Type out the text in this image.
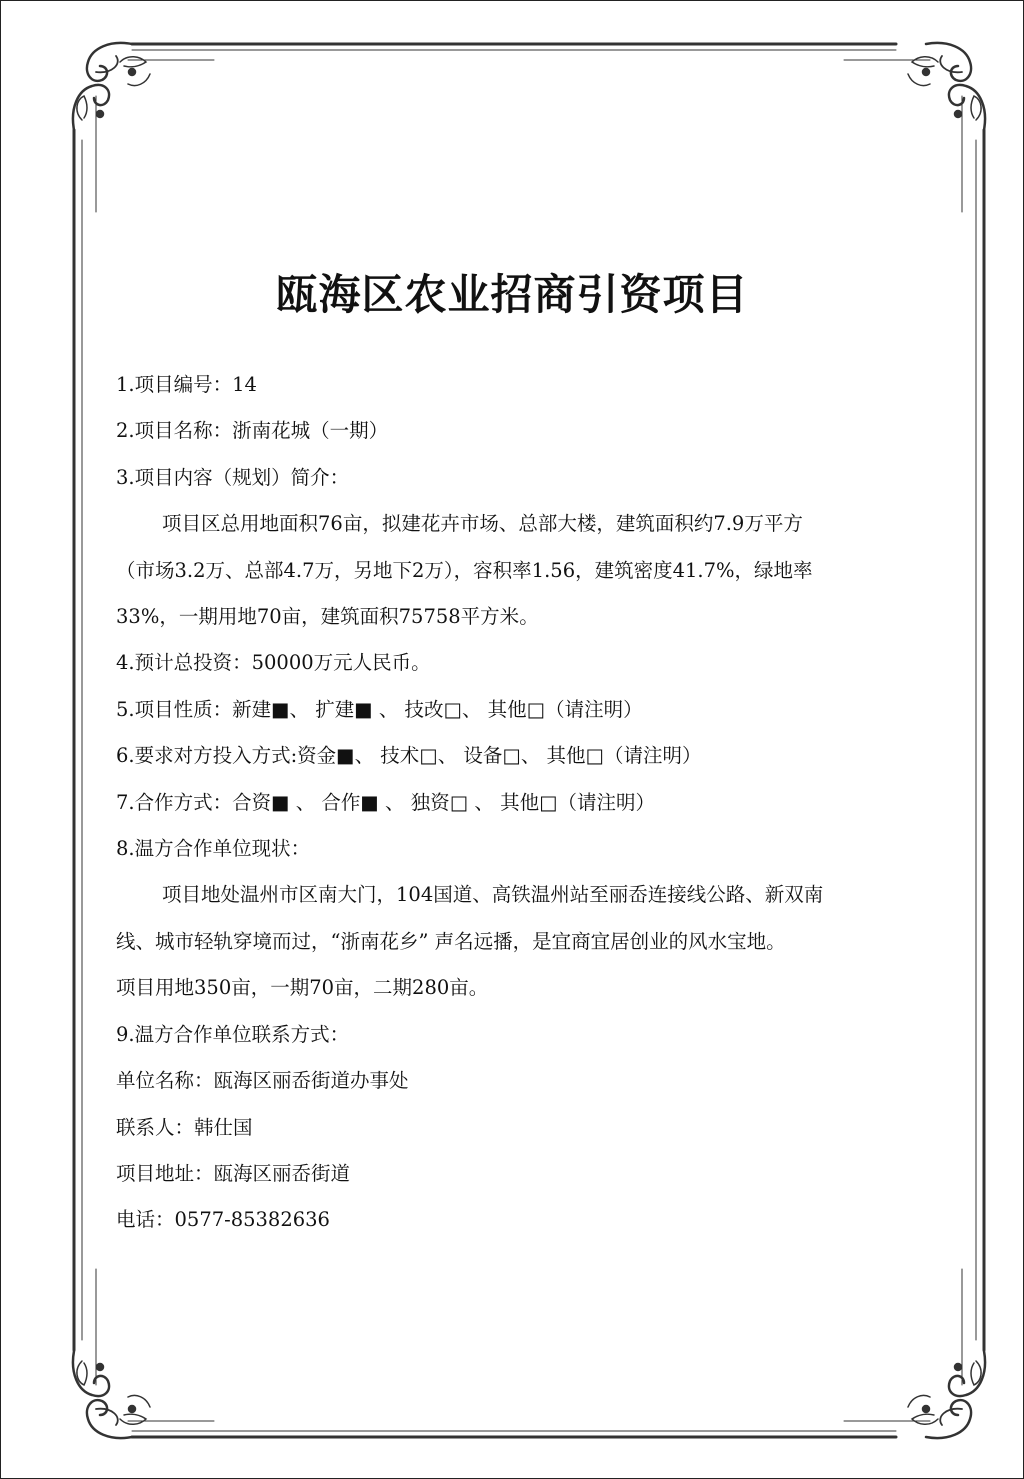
瓯海区农业招商引资项目

1.项目编号：14

2.项目名称：浙南花城（一期）

3.项目内容（规划）简介：

项目区总用地面积76亩，拟建花卉市场、总部大楼，建筑面积约7.9万平方

（市场3.2万、总部4.7万，另地下2万），容积率1.56，建筑密度41.7%，绿地率

33%，一期用地70亩，建筑面积75758平方米。

4.预计总投资：50000万元人民币。

5.项目性质：新建■、 扩建■ 、 技改□、 其他□（请注明）

6.要求对方投入方式:资金■、 技术□、 设备□、 其他□（请注明）

7.合作方式：合资■ 、 合作■ 、 独资□ 、 其他□（请注明）

8.温方合作单位现状：

项目地处温州市区南大门，104国道、高铁温州站至丽岙连接线公路、新双南

线、城市轻轨穿境而过，“浙南花乡” 声名远播，是宜商宜居创业的风水宝地。

项目用地350亩，一期70亩，二期280亩。

9.温方合作单位联系方式：

单位名称：瓯海区丽岙街道办事处

联系人：韩仕国

项目地址：瓯海区丽岙街道

电话：0577-85382636
